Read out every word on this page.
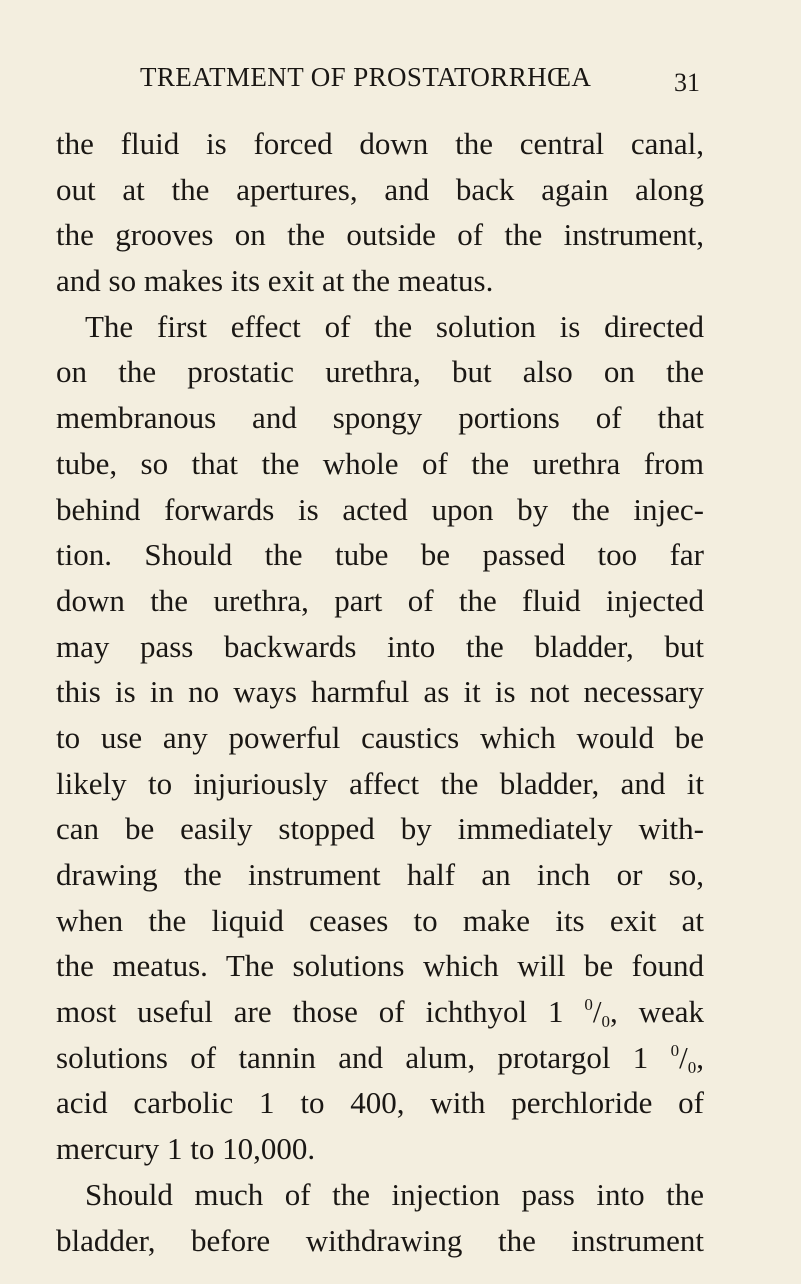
TREATMENT OF PROSTATORRHŒA	31
the fluid is forced down the central canal,
out at the apertures, and back again along
the grooves on the outside of the instrument,
and so makes its exit at the meatus.
The first effect of the solution is directed
on the prostatic urethra, but also on the
membranous and spongy portions of that
tube, so that the whole of the urethra from
behind forwards is acted upon by the injec-
tion. Should the tube be passed too far
down the urethra, part of the fluid injected
may pass backwards into the bladder, but
this is in no ways harmful as it is not necessary
to use any powerful caustics which would be
likely to injuriously affect the bladder, and it
can be easily stopped by immediately with-
drawing the instrument half an inch or so,
when the liquid ceases to make its exit at
the meatus. The solutions which will be found
most useful are those of ichthyol 1 $^0/_0$, weak
solutions of tannin and alum, protargol 1 $^0/_0$,
acid carbolic 1 to 400, with perchloride of
mercury 1 to 10,000.
Should much of the injection pass into the
bladder, before withdrawing the instrument
